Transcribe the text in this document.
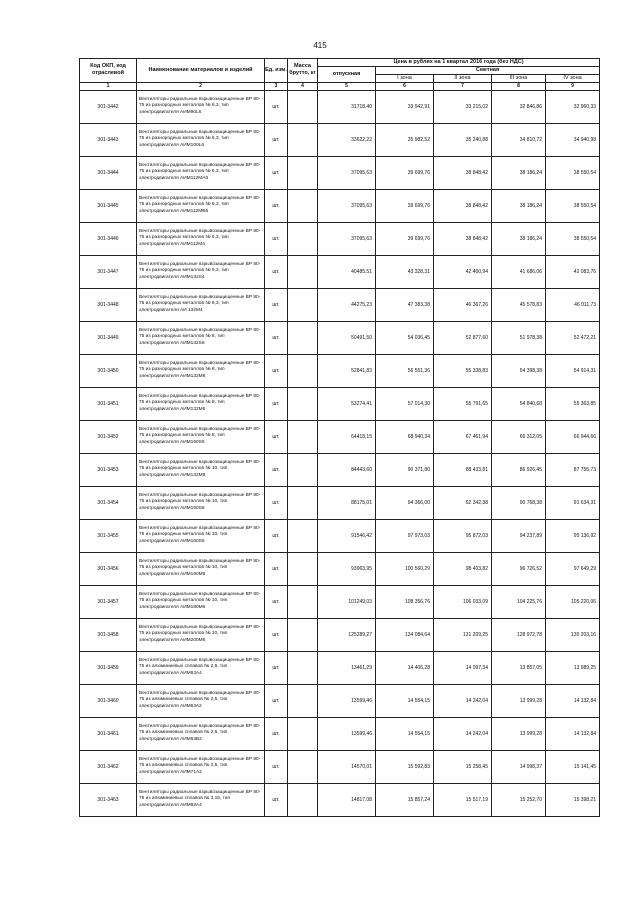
415
Код ОКП, код отраслевой	Наименование материалов и изделий	Ед. изм.	Масса брутто, кг	Цена в рублях на 1 квартал 2016 года (без НДС)				
				отпускная	Сметная			
					I зона	II зона	III зона	IV зона
1	2	3	4	5	6	7	8	9
301-3442	Вентиляторы радиальные взрывозащищенные ВР 80-75 из разнородных металлов № 6,3, тип электродвигателя АИМ90L6	шт.		31718,40	33 942,91	33 215,02	32 846,86	32 960,33
301-3443	Вентиляторы радиальные взрывозащищенные ВР 80-75 из разнородных металлов № 6,3, тип электродвигателя АИМ100L6	шт.		33622,22	35 982,52	35 240,88	34 810,72	34 940,98
301-3444	Вентиляторы радиальные взрывозащищенные ВР 80-75 из разнородных металлов № 6,3, тип электродвигателя АИМ112МА6	шт.		37095,63	39 699,76	38 848,42	38 186,24	38 550,54
301-3445	Вентиляторы радиальные взрывозащищенные ВР 80-75 из разнородных металлов № 6,3, тип электродвигателя АИМ112МВ6	шт.		37095,63	39 699,76	38 848,42	38 186,24	38 550,54
301-3446	Вентиляторы радиальные взрывозащищенные ВР 80-75 из разнородных металлов № 6,3, тип электродвигателя АИМ112М4	шт.		37095,63	39 699,76	38 848,42	38 186,24	38 550,54
301-3447	Вентиляторы радиальные взрывозащищенные ВР 80-75 из разнородных металлов № 6,3, тип электродвигателя АИМ132S4	шт.		40485,51	43 328,31	42 400,94	41 686,06	42 083,76
301-3448	Вентиляторы радиальные взрывозащищенные ВР 80-75 из разнородных металлов № 6,3, тип электродвигателя АИ 132М4	шт.		44275,23	47 383,38	46 367,26	45 578,83	46 011,73
301-3449	Вентиляторы радиальные взрывозащищенные ВР 80-75 из разнородных металлов № 8, тип электродвигателя АИМ132S8	шт.		50491,50	54 036,45	52 877,60	51 978,38	52 472,21
301-3450	Вентиляторы радиальные взрывозащищенные ВР 80-75 из разнородных металлов № 8, тип электродвигателя АИМ132М8	шт.		52841,83	56 551,36	55 338,83	54 398,38	54 914,31
301-3451	Вентиляторы радиальные взрывозащищенные ВР 80-75 из разнородных металлов № 8, тип электродвигателя АИМ132М6	шт.		53274,41	57 014,30	55 791,65	54 840,68	55 363,85
301-3452	Вентиляторы радиальные взрывозащищенные ВР 80-75 из разнородных металлов № 8, тип электродвигателя АИМ160S6	шт.		64418,15	68 940,34	67 461,94	66 312,05	66 944,66
301-3453	Вентиляторы радиальные взрывозащищенные ВР 80-75 из разнородных металлов № 10, тип электродвигателя АИМ132М8	шт.		84443,60	90 371,80	88 433,81	86 926,45	87 755,73
301-3454	Вентиляторы радиальные взрывозащищенные ВР 80-75 из разнородных металлов № 10, тип электродвигателя АИМ160S8	шт.		88175,01	94 366,00	92 342,38	90 768,38	91 634,31
301-3455	Вентиляторы радиальные взрывозащищенные ВР 80-75 из разнородных металлов № 10, тип электродвигателя АИМ160S6	шт.		91546,42	97 973,03	95 872,03	94 237,89	95 136,92
301-3456	Вентиляторы радиальные взрывозащищенные ВР 80-75 из разнородных металлов № 10, тип электродвигателя АИМ160М6	шт.		93963,95	100 560,29	98 403,82	96 726,52	97 649,29
301-3457	Вентиляторы радиальные взрывозащищенные ВР 80-75 из разнородных металлов № 10, тип электродвигателя АИМ180М6	шт.		101249,03	108 356,76	106 033,09	104 225,76	105 220,06
301-3458	Вентиляторы радиальные взрывозащищенные ВР 80-75 из разнородных металлов № 10, тип электродвигателя АИМ200М6	шт.		125289,27	134 084,64	131 209,25	128 972,78	130 203,16
301-3459	Вентиляторы радиальные взрывозащищенные ВР 80-75 из алюминиевых сплавов № 2,5, тип электродвигателя АИМ63А4	шт.		13461,29	14 406,28	14 097,34	13 857,05	13 989,25
301-3460	Вентиляторы радиальные взрывозащищенные ВР 80-75 из алюминиевых сплавов № 2,5, тип электродвигателя АИМ63А2	шт.		13599,46	14 554,15	14 242,04	13 999,28	14 132,84
301-3461	Вентиляторы радиальные взрывозащищенные ВР 80-75 из алюминиевых сплавов № 2,5, тип электродвигателя АИМ63В2	шт.		13599,46	14 554,15	14 242,04	13 999,28	14 132,84
301-3462	Вентиляторы радиальные взрывозащищенные ВР 80-75 из алюминиевых сплавов № 2,5, тип электродвигателя АИМ71А2	шт.		14570,01	15 592,83	15 258,45	14 998,37	15 141,45
301-3463	Вентиляторы радиальные взрывозащищенные ВР 80-75 из алюминиевых сплавов № 3,15, тип электродвигателя АИМ63А4	шт.		14817,08	15 857,24	15 517,19	15 252,70	15 398,21
